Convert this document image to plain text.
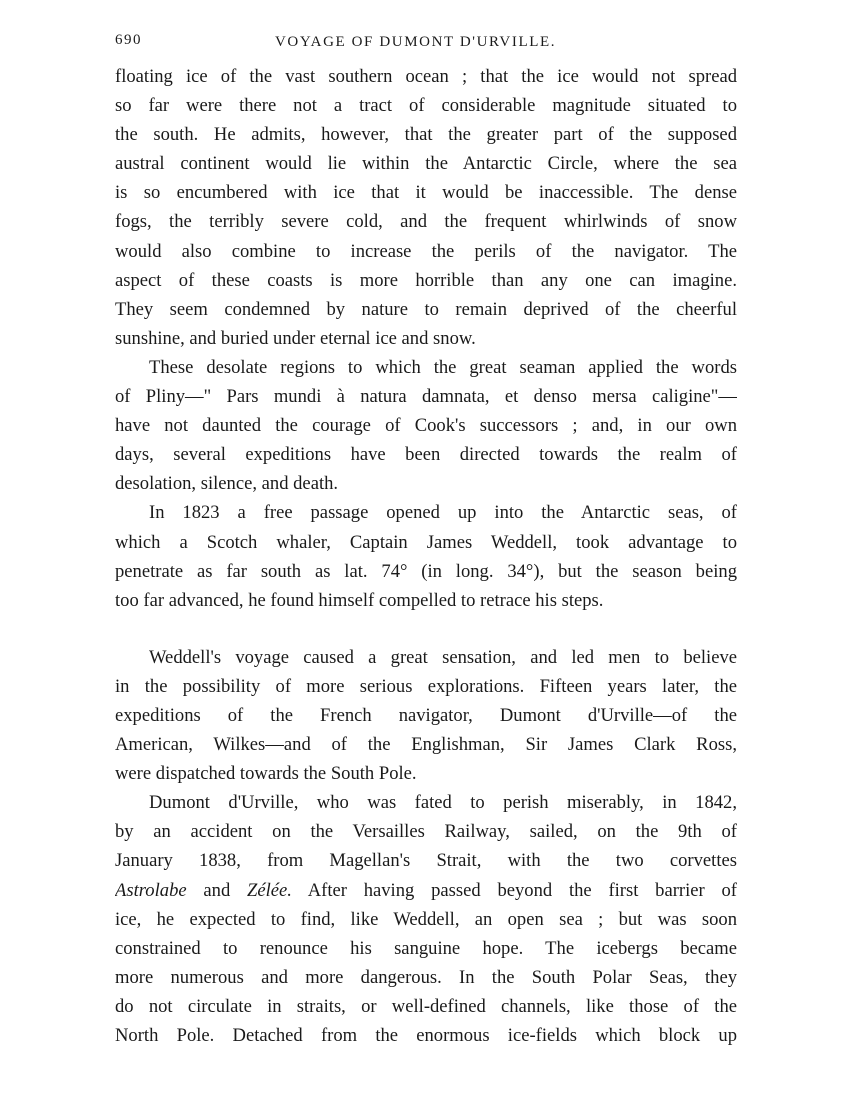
690	VOYAGE OF DUMONT D'URVILLE.
floating ice of the vast southern ocean ; that the ice would not spread
so far were there not a tract of considerable magnitude situated to
the south. He admits, however, that the greater part of the supposed
austral continent would lie within the Antarctic Circle, where the sea
is so encumbered with ice that it would be inaccessible. The dense
fogs, the terribly severe cold, and the frequent whirlwinds of snow
would also combine to increase the perils of the navigator. The
aspect of these coasts is more horrible than any one can imagine.
They seem condemned by nature to remain deprived of the cheerful
sunshine, and buried under eternal ice and snow.
These desolate regions to which the great seaman applied the words
of Pliny—" Pars mundi à natura damnata, et denso mersa caligine"—
have not daunted the courage of Cook's successors ; and, in our own
days, several expeditions have been directed towards the realm of
desolation, silence, and death.
In 1823 a free passage opened up into the Antarctic seas, of
which a Scotch whaler, Captain James Weddell, took advantage to
penetrate as far south as lat. 74° (in long. 34°), but the season being
too far advanced, he found himself compelled to retrace his steps.
Weddell's voyage caused a great sensation, and led men to believe
in the possibility of more serious explorations. Fifteen years later, the
expeditions of the French navigator, Dumont d'Urville—of the
American, Wilkes—and of the Englishman, Sir James Clark Ross,
were dispatched towards the South Pole.
Dumont d'Urville, who was fated to perish miserably, in 1842,
by an accident on the Versailles Railway, sailed, on the 9th of
January 1838, from Magellan's Strait, with the two corvettes
Astrolabe and Zélée. After having passed beyond the first barrier of
ice, he expected to find, like Weddell, an open sea ; but was soon
constrained to renounce his sanguine hope. The icebergs became
more numerous and more dangerous. In the South Polar Seas, they
do not circulate in straits, or well-defined channels, like those of the
North Pole. Detached from the enormous ice-fields which block up
